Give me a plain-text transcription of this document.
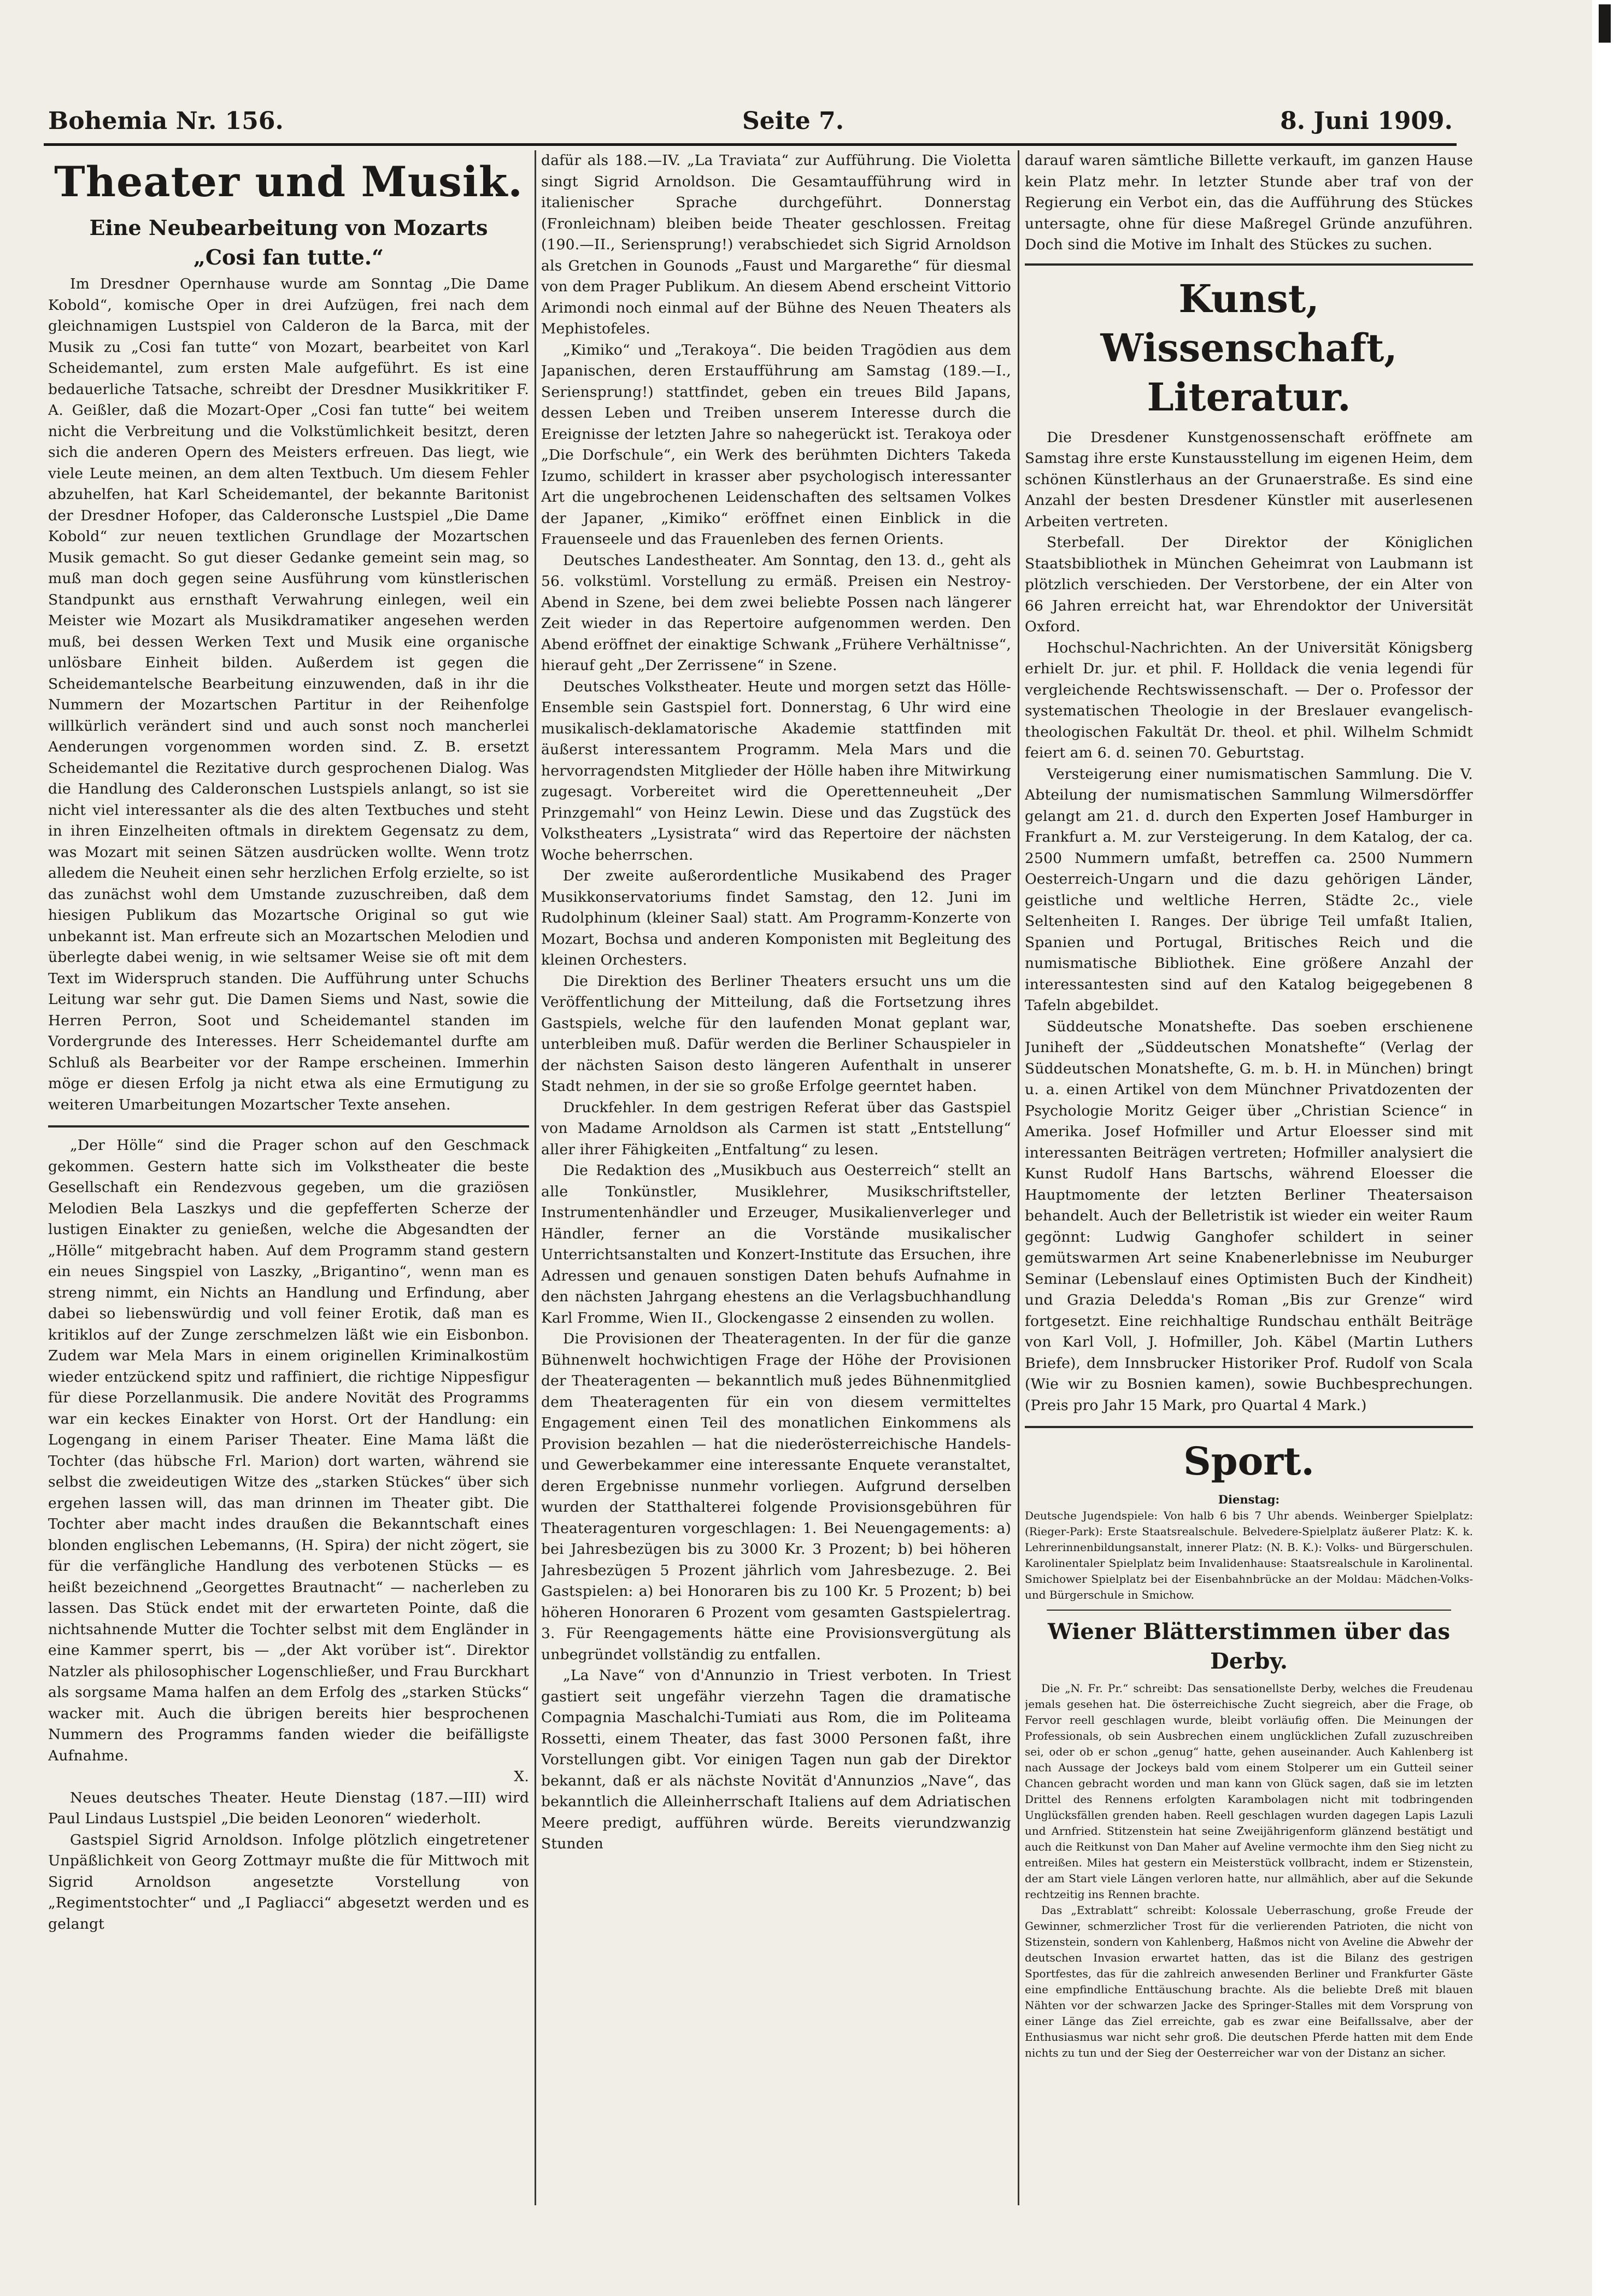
Bohemia Nr. 156.	Seite 7.	8. Juni 1909.
Theater und Musik.
Eine Neubearbeitung von Mozarts
„Cosi fan tutte.“

Im Dresdner Opernhause wurde am Sonntag „Die Dame Kobold“, komische Oper in drei Aufzügen, frei nach dem gleichnamigen Lustspiel von Calderon de la Barca, mit der Musik zu „Cosi fan tutte“ von Mozart, bearbeitet von Karl Scheidemantel, zum ersten Male aufgeführt. Es ist eine bedauerliche Tatsache, schreibt der Dresdner Musikkritiker F. A. Geißler, daß die Mozart-Oper „Cosi fan tutte“ bei weitem nicht die Verbreitung und die Volkstümlichkeit besitzt, deren sich die anderen Opern des Meisters erfreuen. Das liegt, wie viele Leute meinen, an dem alten Textbuch. Um diesem Fehler abzuhelfen, hat Karl Scheidemantel, der bekannte Baritonist der Dresdner Hofoper, das Calderonsche Lustspiel „Die Dame Kobold“ zur neuen textlichen Grundlage der Mozartschen Musik gemacht. So gut dieser Gedanke gemeint sein mag, so muß man doch gegen seine Ausführung vom künstlerischen Standpunkt aus ernsthaft Verwahrung einlegen, weil ein Meister wie Mozart als Musikdramatiker angesehen werden muß, bei dessen Werken Text und Musik eine organische unlösbare Einheit bilden. Außerdem ist gegen die Scheidemantelsche Bearbeitung einzuwenden, daß in ihr die Nummern der Mozartschen Partitur in der Reihenfolge willkürlich verändert sind und auch sonst noch mancherlei Aenderungen vorgenommen worden sind. Z. B. ersetzt Scheidemantel die Rezitative durch gesprochenen Dialog. Was die Handlung des Calderonschen Lustspiels anlangt, so ist sie nicht viel interessanter als die des alten Textbuches und steht in ihren Einzelheiten oftmals in direktem Gegensatz zu dem, was Mozart mit seinen Sätzen ausdrücken wollte. Wenn trotz alledem die Neuheit einen sehr herzlichen Erfolg erzielte, so ist das zunächst wohl dem Umstande zuzuschreiben, daß dem hiesigen Publikum das Mozartsche Original so gut wie unbekannt ist. Man erfreute sich an Mozartschen Melodien und überlegte dabei wenig, in wie seltsamer Weise sie oft mit dem Text im Widerspruch standen. Die Aufführung unter Schuchs Leitung war sehr gut. Die Damen Siems und Nast, sowie die Herren Perron, Soot und Scheidemantel standen im Vordergrunde des Interesses. Herr Scheidemantel durfte am Schluß als Bearbeiter vor der Rampe erscheinen. Immerhin möge er diesen Erfolg ja nicht etwa als eine Ermutigung zu weiteren Umarbeitungen Mozartscher Texte ansehen.

„Der Hölle“ sind die Prager schon auf den Geschmack gekommen. Gestern hatte sich im Volkstheater die beste Gesellschaft ein Rendezvous gegeben, um die graziösen Melodien Bela Laszkys und die gepfefferten Scherze der lustigen Einakter zu genießen, welche die Abgesandten der „Hölle“ mitgebracht haben. Auf dem Programm stand gestern ein neues Singspiel von Laszky, „Brigantino“, wenn man es streng nimmt, ein Nichts an Handlung und Erfindung, aber dabei so liebenswürdig und voll feiner Erotik, daß man es kritiklos auf der Zunge zerschmelzen läßt wie ein Eisbonbon. Zudem war Mela Mars in einem originellen Kriminalkostüm wieder entzückend spitz und raffiniert, die richtige Nippesfigur für diese Porzellanmusik. Die andere Novität des Programms war ein keckes Einakter von Horst. Ort der Handlung: ein Logengang in einem Pariser Theater. Eine Mama läßt die Tochter (das hübsche Frl. Marion) dort warten, während sie selbst die zweideutigen Witze des „starken Stückes“ über sich ergehen lassen will, das man drinnen im Theater gibt. Die Tochter aber macht indes draußen die Bekanntschaft eines blonden englischen Lebemanns, (H. Spira) der nicht zögert, sie für die verfängliche Handlung des verbotenen Stücks — es heißt bezeichnend „Georgettes Brautnacht“ — nacherleben zu lassen. Das Stück endet mit der erwarteten Pointe, daß die nichtsahnende Mutter die Tochter selbst mit dem Engländer in eine Kammer sperrt, bis — „der Akt vorüber ist“. Direktor Natzler als philosophischer Logenschließer, und Frau Burckhart als sorgsame Mama halfen an dem Erfolg des „starken Stücks“ wacker mit. Auch die übrigen bereits hier besprochenen Nummern des Programms fanden wieder die beifälligste Aufnahme.

X.

Neues deutsches Theater. Heute Dienstag (187.—III) wird Paul Lindaus Lustspiel „Die beiden Leonoren“ wiederholt.

Gastspiel Sigrid Arnoldson. Infolge plötzlich eingetretener Unpäßlichkeit von Georg Zottmayr mußte die für Mittwoch mit Sigrid Arnoldson angesetzte Vorstellung von „Regimentstochter“ und „I Pagliacci“ abgesetzt werden und es gelangt

dafür als 188.—IV. „La Traviata“ zur Aufführung. Die Violetta singt Sigrid Arnoldson. Die Gesamtaufführung wird in italienischer Sprache durchgeführt. Donnerstag (Fronleichnam) bleiben beide Theater geschlossen. Freitag (190.—II., Seriensprung!) verabschiedet sich Sigrid Arnoldson als Gretchen in Gounods „Faust und Margarethe“ für diesmal von dem Prager Publikum. An diesem Abend erscheint Vittorio Arimondi noch einmal auf der Bühne des Neuen Theaters als Mephistofeles.

„Kimiko“ und „Terakoya“. Die beiden Tragödien aus dem Japanischen, deren Erstaufführung am Samstag (189.—I., Seriensprung!) stattfindet, geben ein treues Bild Japans, dessen Leben und Treiben unserem Interesse durch die Ereignisse der letzten Jahre so nahegerückt ist. Terakoya oder „Die Dorfschule“, ein Werk des berühmten Dichters Takeda Izumo, schildert in krasser aber psychologisch interessanter Art die ungebrochenen Leidenschaften des seltsamen Volkes der Japaner, „Kimiko“ eröffnet einen Einblick in die Frauenseele und das Frauenleben des fernen Orients.

Deutsches Landestheater. Am Sonntag, den 13. d., geht als 56. volkstüml. Vorstellung zu ermäß. Preisen ein Nestroy-Abend in Szene, bei dem zwei beliebte Possen nach längerer Zeit wieder in das Repertoire aufgenommen werden. Den Abend eröffnet der einaktige Schwank „Frühere Verhältnisse“, hierauf geht „Der Zerrissene“ in Szene.

Deutsches Volkstheater. Heute und morgen setzt das Hölle-Ensemble sein Gastspiel fort. Donnerstag, 6 Uhr wird eine musikalisch-deklamatorische Akademie stattfinden mit äußerst interessantem Programm. Mela Mars und die hervorragendsten Mitglieder der Hölle haben ihre Mitwirkung zugesagt. Vorbereitet wird die Operettenneuheit „Der Prinzgemahl“ von Heinz Lewin. Diese und das Zugstück des Volkstheaters „Lysistrata“ wird das Repertoire der nächsten Woche beherrschen.

Der zweite außerordentliche Musikabend des Prager Musikkonservatoriums findet Samstag, den 12. Juni im Rudolphinum (kleiner Saal) statt. Am Programm-Konzerte von Mozart, Bochsa und anderen Komponisten mit Begleitung des kleinen Orchesters.

Die Direktion des Berliner Theaters ersucht uns um die Veröffentlichung der Mitteilung, daß die Fortsetzung ihres Gastspiels, welche für den laufenden Monat geplant war, unterbleiben muß. Dafür werden die Berliner Schauspieler in der nächsten Saison desto längeren Aufenthalt in unserer Stadt nehmen, in der sie so große Erfolge geerntet haben.

Druckfehler. In dem gestrigen Referat über das Gastspiel von Madame Arnoldson als Carmen ist statt „Entstellung“ aller ihrer Fähigkeiten „Entfaltung“ zu lesen.

Die Redaktion des „Musikbuch aus Oesterreich“ stellt an alle Tonkünstler, Musiklehrer, Musikschriftsteller, Instrumentenhändler und Erzeuger, Musikalienverleger und Händler, ferner an die Vorstände musikalischer Unterrichtsanstalten und Konzert-Institute das Ersuchen, ihre Adressen und genauen sonstigen Daten behufs Aufnahme in den nächsten Jahrgang ehestens an die Verlagsbuchhandlung Karl Fromme, Wien II., Glockengasse 2 einsenden zu wollen.

Die Provisionen der Theateragenten. In der für die ganze Bühnenwelt hochwichtigen Frage der Höhe der Provisionen der Theateragenten — bekanntlich muß jedes Bühnenmitglied dem Theateragenten für ein von diesem vermitteltes Engagement einen Teil des monatlichen Einkommens als Provision bezahlen — hat die niederösterreichische Handels- und Gewerbekammer eine interessante Enquete veranstaltet, deren Ergebnisse nunmehr vorliegen. Aufgrund derselben wurden der Statthalterei folgende Provisionsgebühren für Theateragenturen vorgeschlagen: 1. Bei Neuengagements: a) bei Jahresbezügen bis zu 3000 Kr. 3 Prozent; b) bei höheren Jahresbezügen 5 Prozent jährlich vom Jahresbezuge. 2. Bei Gastspielen: a) bei Honoraren bis zu 100 Kr. 5 Prozent; b) bei höheren Honoraren 6 Prozent vom gesamten Gastspielertrag. 3. Für Reengagements hätte eine Provisionsvergütung als unbegründet vollständig zu entfallen.

„La Nave“ von d'Annunzio in Triest verboten. In Triest gastiert seit ungefähr vierzehn Tagen die dramatische Compagnia Maschalchi-Tumiati aus Rom, die im Politeama Rossetti, einem Theater, das fast 3000 Personen faßt, ihre Vorstellungen gibt. Vor einigen Tagen nun gab der Direktor bekannt, daß er als nächste Novität d'Annunzios „Nave“, das bekanntlich die Alleinherrschaft Italiens auf dem Adriatischen Meere predigt, aufführen würde. Bereits vierundzwanzig Stunden

darauf waren sämtliche Billette verkauft, im ganzen Hause kein Platz mehr. In letzter Stunde aber traf von der Regierung ein Verbot ein, das die Aufführung des Stückes untersagte, ohne für diese Maßregel Gründe anzuführen. Doch sind die Motive im Inhalt des Stückes zu suchen.

Kunst, Wissenschaft, Literatur.

Die Dresdener Kunstgenossenschaft eröffnete am Samstag ihre erste Kunstausstellung im eigenen Heim, dem schönen Künstlerhaus an der Grunaerstraße. Es sind eine Anzahl der besten Dresdener Künstler mit auserlesenen Arbeiten vertreten.

Sterbefall. Der Direktor der Königlichen Staatsbibliothek in München Geheimrat von Laubmann ist plötzlich verschieden. Der Verstorbene, der ein Alter von 66 Jahren erreicht hat, war Ehrendoktor der Universität Oxford.

Hochschul-Nachrichten. An der Universität Königsberg erhielt Dr. jur. et phil. F. Holldack die venia legendi für vergleichende Rechtswissenschaft. — Der o. Professor der systematischen Theologie in der Breslauer evangelisch-theologischen Fakultät Dr. theol. et phil. Wilhelm Schmidt feiert am 6. d. seinen 70. Geburtstag.

Versteigerung einer numismatischen Sammlung. Die V. Abteilung der numismatischen Sammlung Wilmersdörffer gelangt am 21. d. durch den Experten Josef Hamburger in Frankfurt a. M. zur Versteigerung. In dem Katalog, der ca. 2500 Nummern umfaßt, betreffen ca. 2500 Nummern Oesterreich-Ungarn und die dazu gehörigen Länder, geistliche und weltliche Herren, Städte 2c., viele Seltenheiten I. Ranges. Der übrige Teil umfaßt Italien, Spanien und Portugal, Britisches Reich und die numismatische Bibliothek. Eine größere Anzahl der interessantesten sind auf den Katalog beigegebenen 8 Tafeln abgebildet.

Süddeutsche Monatshefte. Das soeben erschienene Juniheft der „Süddeutschen Monatshefte“ (Verlag der Süddeutschen Monatshefte, G. m. b. H. in München) bringt u. a. einen Artikel von dem Münchner Privatdozenten der Psychologie Moritz Geiger über „Christian Science“ in Amerika. Josef Hofmiller und Artur Eloesser sind mit interessanten Beiträgen vertreten; Hofmiller analysiert die Kunst Rudolf Hans Bartschs, während Eloesser die Hauptmomente der letzten Berliner Theatersaison behandelt. Auch der Belletristik ist wieder ein weiter Raum gegönnt: Ludwig Ganghofer schildert in seiner gemütswarmen Art seine Knabenerlebnisse im Neuburger Seminar (Lebenslauf eines Optimisten Buch der Kindheit) und Grazia Deledda's Roman „Bis zur Grenze“ wird fortgesetzt. Eine reichhaltige Rundschau enthält Beiträge von Karl Voll, J. Hofmiller, Joh. Käbel (Martin Luthers Briefe), dem Innsbrucker Historiker Prof. Rudolf von Scala (Wie wir zu Bosnien kamen), sowie Buchbesprechungen. (Preis pro Jahr 15 Mark, pro Quartal 4 Mark.)

Sport.
Dienstag:

Deutsche Jugendspiele: Von halb 6 bis 7 Uhr abends. Weinberger Spielplatz: (Rieger-Park): Erste Staatsrealschule. Belvedere-Spielplatz äußerer Platz: K. k. Lehrerinnenbildungsanstalt, innerer Platz: (N. B. K.): Volks- und Bürgerschulen. Karolinentaler Spielplatz beim Invalidenhause: Staatsrealschule in Karolinental. Smichower Spielplatz bei der Eisenbahnbrücke an der Moldau: Mädchen-Volks- und Bürgerschule in Smichow.

Wiener Blätterstimmen über das Derby.

Die „N. Fr. Pr.“ schreibt: Das sensationellste Derby, welches die Freudenau jemals gesehen hat. Die österreichische Zucht siegreich, aber die Frage, ob Fervor reell geschlagen wurde, bleibt vorläufig offen. Die Meinungen der Professionals, ob sein Ausbrechen einem unglücklichen Zufall zuzuschreiben sei, oder ob er schon „genug“ hatte, gehen auseinander. Auch Kahlenberg ist nach Aussage der Jockeys bald vom einem Stolperer um ein Gutteil seiner Chancen gebracht worden und man kann von Glück sagen, daß sie im letzten Drittel des Rennens erfolgten Karambolagen nicht mit todbringenden Unglücksfällen grenden haben. Reell geschlagen wurden dagegen Lapis Lazuli und Arnfried. Stitzenstein hat seine Zweijährigenform glänzend bestätigt und auch die Reitkunst von Dan Maher auf Aveline vermochte ihm den Sieg nicht zu entreißen. Miles hat gestern ein Meisterstück vollbracht, indem er Stizenstein, der am Start viele Längen verloren hatte, nur allmählich, aber auf die Sekunde rechtzeitig ins Rennen brachte.

Das „Extrablatt“ schreibt: Kolossale Ueberraschung, große Freude der Gewinner, schmerzlicher Trost für die verlierenden Patrioten, die nicht von Stizenstein, sondern von Kahlenberg, Haßmos nicht von Aveline die Abwehr der deutschen Invasion erwartet hatten, das ist die Bilanz des gestrigen Sportfestes, das für die zahlreich anwesenden Berliner und Frankfurter Gäste eine empfindliche Enttäuschung brachte. Als die beliebte Dreß mit blauen Nähten vor der schwarzen Jacke des Springer-Stalles mit dem Vorsprung von einer Länge das Ziel erreichte, gab es zwar eine Beifallssalve, aber der Enthusiasmus war nicht sehr groß. Die deutschen Pferde hatten mit dem Ende nichts zu tun und der Sieg der Oesterreicher war von der Distanz an sicher.
